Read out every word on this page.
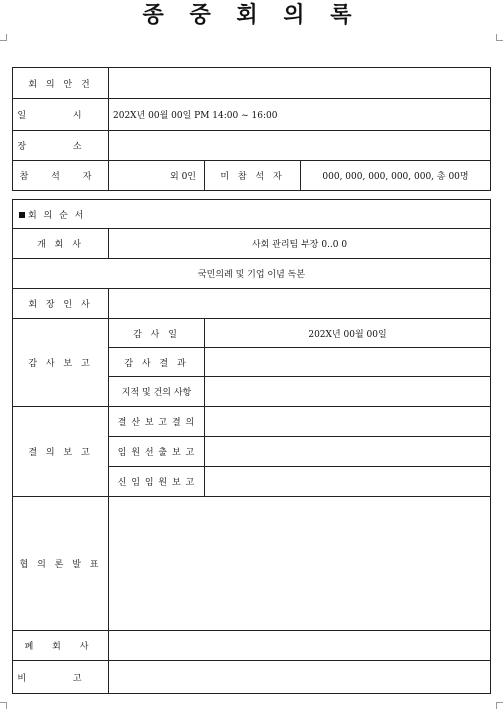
종 중 회 의 록
회 의 안 건			
일 시	202X년 00월 00일 PM 14:00 ~ 16:00		
장 소			
참 석 자	외 0인	미 참 석 자	000, 000, 000, 000, 000, 총 00명
회 의 순 서		
개 회 사	사회 관리팀 부장 0..0 0	
국민의례 및 기업 이념 독본		
회 장 인 사		
감 사 보 고	감 사 일	202X년 00월 00일
	감 사 결 과	
	지적 및 건의 사항	
결 의 보 고	결 산 보 고 결 의	
	임 원 선 출 보 고	
	신 임 임 원 보 고	
협 의 론 발 표		
폐 회 사		
비 고		
